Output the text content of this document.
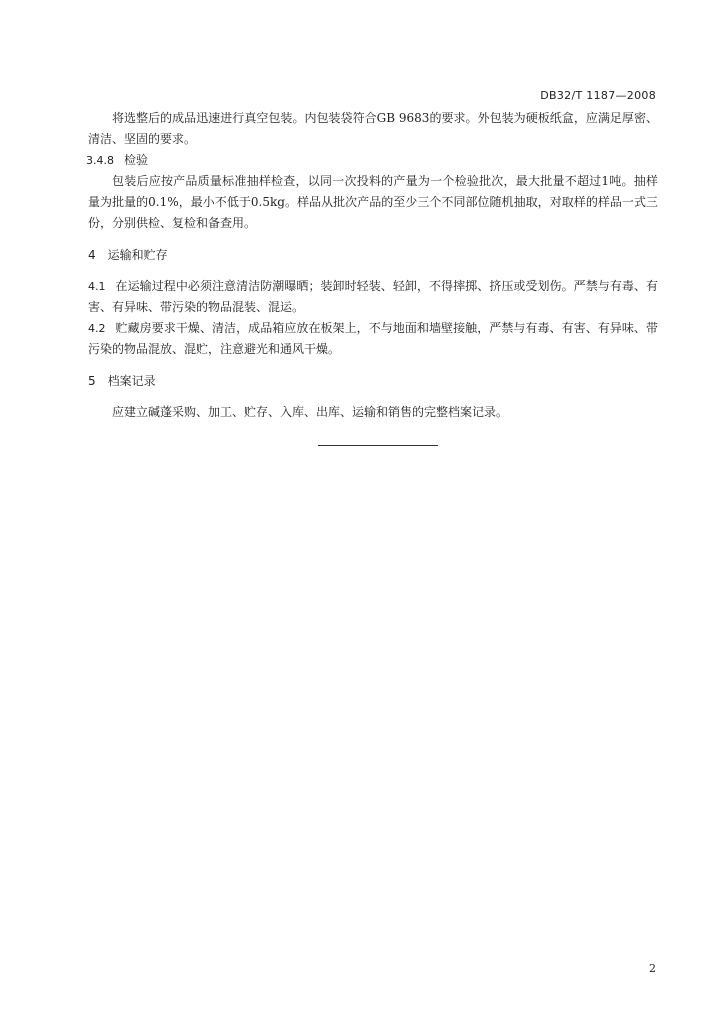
DB32/T 1187—2008

将选整后的成品迅速进行真空包装。内包装袋符合GB 9683的要求。外包装为硬板纸盒，应满足厚密、清洁、坚固的要求。

3.4.8 检验

包装后应按产品质量标准抽样检查，以同一次投料的产量为一个检验批次，最大批量不超过1吨。抽样量为批量的0.1%，最小不低于0.5kg。样品从批次产品的至少三个不同部位随机抽取，对取样的样品一式三份，分别供检、复检和备查用。

4 运输和贮存

4.1 在运输过程中必须注意清洁防潮曝晒；装卸时轻装、轻卸，不得摔掷、挤压或受划伤。严禁与有毒、有害、有异味、带污染的物品混装、混运。

4.2 贮藏房要求干燥、清洁，成品箱应放在板架上，不与地面和墙壁接触，严禁与有毒、有害、有异味、带污染的物品混放、混贮，注意避光和通风干燥。

5 档案记录

应建立碱蓬采购、加工、贮存、入库、出库、运输和销售的完整档案记录。

2
